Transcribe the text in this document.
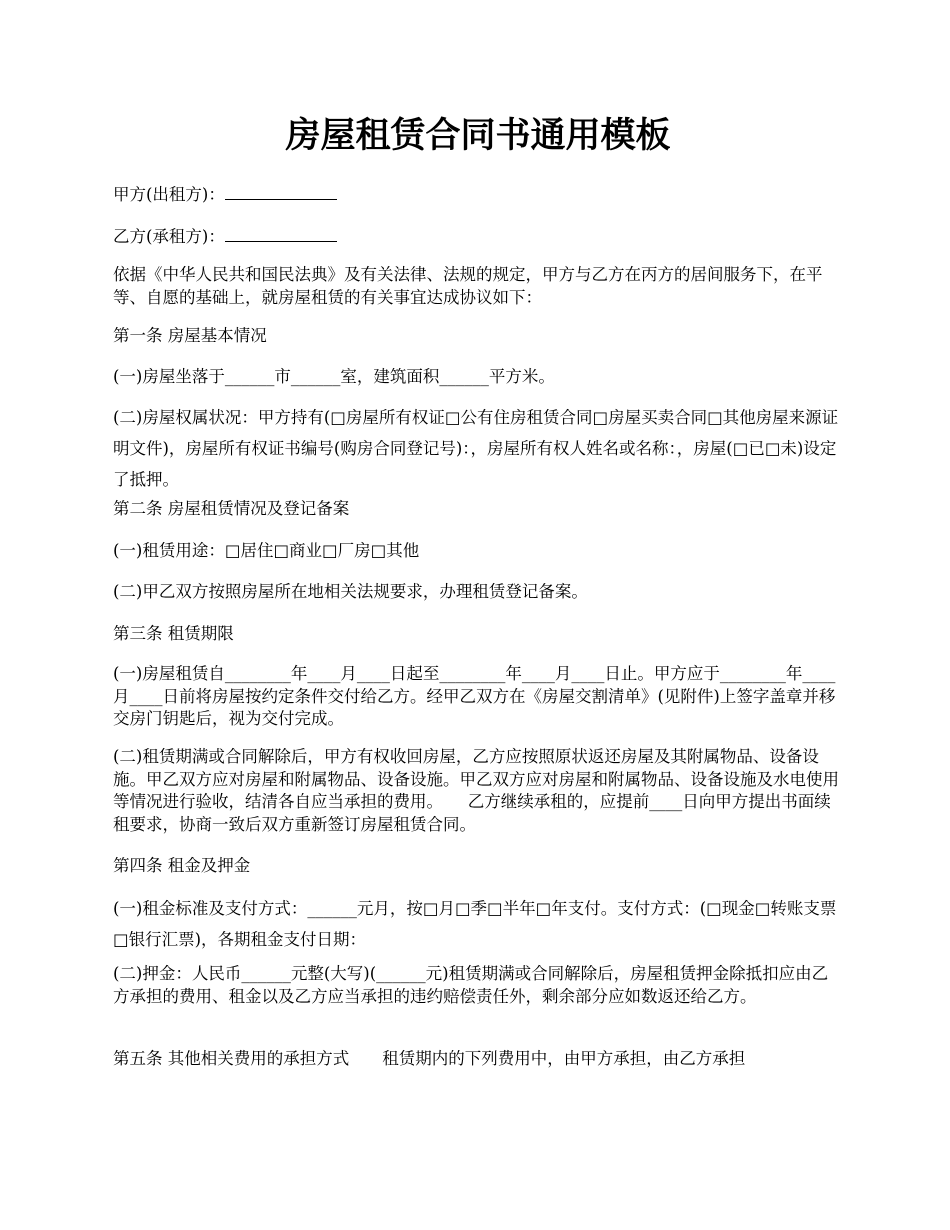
房屋租赁合同书通用模板

甲方(出租方)：

乙方(承租方)：

依据《中华人民共和国民法典》及有关法律、法规的规定，甲方与乙方在丙方的居间服务下，在平等、自愿的基础上，就房屋租赁的有关事宜达成协议如下：

第一条 房屋基本情况

(一)房屋坐落于______市______室，建筑面积______平方米。

(二)房屋权属状况：甲方持有(□房屋所有权证□公有住房租赁合同□房屋买卖合同□其他房屋来源证明文件)，房屋所有权证书编号(购房合同登记号)：，房屋所有权人姓名或名称：，房屋(□已□未)设定了抵押。

第二条 房屋租赁情况及登记备案

(一)租赁用途：□居住□商业□厂房□其他

(二)甲乙双方按照房屋所在地相关法规要求，办理租赁登记备案。

第三条 租赁期限

(一)房屋租赁自________年____月____日起至________年____月____日止。甲方应于________年____月____日前将房屋按约定条件交付给乙方。经甲乙双方在《房屋交割清单》(见附件)上签字盖章并移交房门钥匙后，视为交付完成。

(二)租赁期满或合同解除后，甲方有权收回房屋，乙方应按照原状返还房屋及其附属物品、设备设施。甲乙双方应对房屋和附属物品、设备设施。甲乙双方应对房屋和附属物品、设备设施及水电使用等情况进行验收，结清各自应当承担的费用。　　乙方继续承租的，应提前____日向甲方提出书面续租要求，协商一致后双方重新签订房屋租赁合同。

第四条 租金及押金

(一)租金标准及支付方式：______元月，按□月□季□半年□年支付。支付方式：(□现金□转账支票□银行汇票)，各期租金支付日期：

(二)押金：人民币______元整(大写)(______元)租赁期满或合同解除后，房屋租赁押金除抵扣应由乙方承担的费用、租金以及乙方应当承担的违约赔偿责任外，剩余部分应如数返还给乙方。

第五条 其他相关费用的承担方式　　租赁期内的下列费用中，由甲方承担，由乙方承担
